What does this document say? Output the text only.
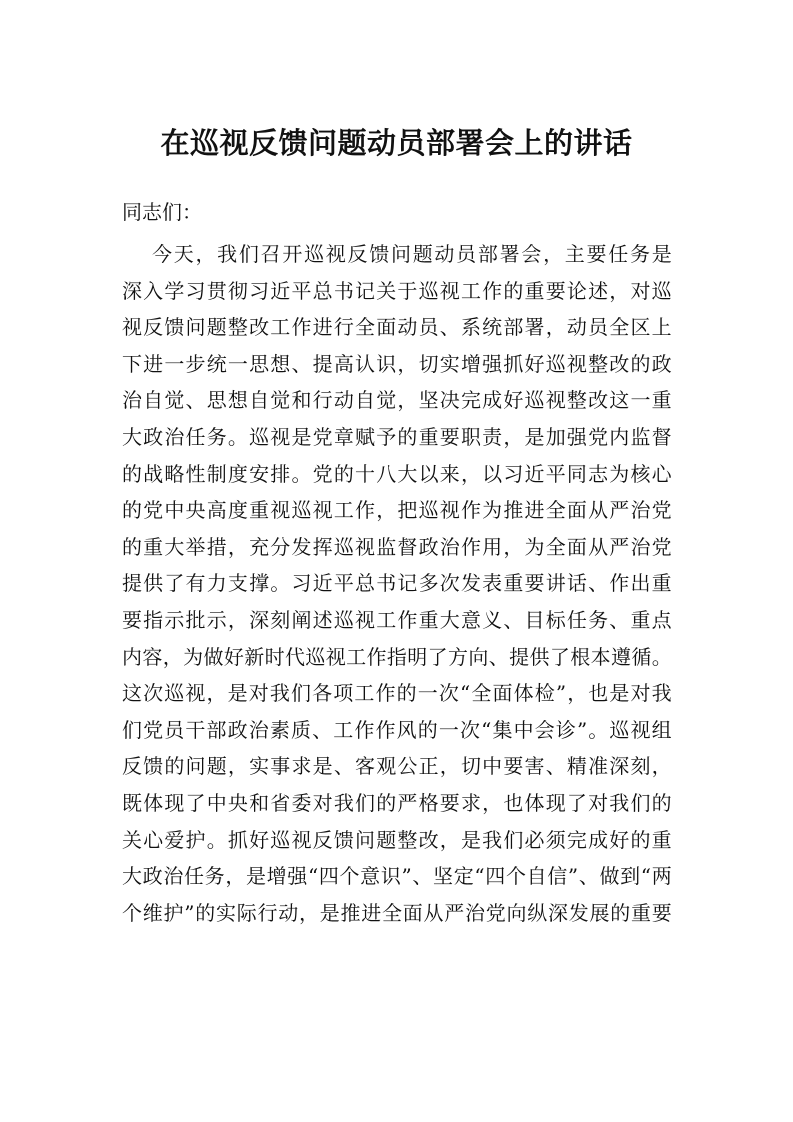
在巡视反馈问题动员部署会上的讲话

同志们：

今天，我们召开巡视反馈问题动员部署会，主要任务是
深入学习贯彻习近平总书记关于巡视工作的重要论述，对巡
视反馈问题整改工作进行全面动员、系统部署，动员全区上
下进一步统一思想、提高认识，切实增强抓好巡视整改的政
治自觉、思想自觉和行动自觉，坚决完成好巡视整改这一重
大政治任务。巡视是党章赋予的重要职责，是加强党内监督
的战略性制度安排。党的十八大以来，以习近平同志为核心
的党中央高度重视巡视工作，把巡视作为推进全面从严治党
的重大举措，充分发挥巡视监督政治作用，为全面从严治党
提供了有力支撑。习近平总书记多次发表重要讲话、作出重
要指示批示，深刻阐述巡视工作重大意义、目标任务、重点
内容，为做好新时代巡视工作指明了方向、提供了根本遵循。
这次巡视，是对我们各项工作的一次“全面体检”，也是对我
们党员干部政治素质、工作作风的一次“集中会诊”。巡视组
反馈的问题，实事求是、客观公正，切中要害、精准深刻，
既体现了中央和省委对我们的严格要求，也体现了对我们的
关心爱护。抓好巡视反馈问题整改，是我们必须完成好的重
大政治任务，是增强“四个意识”、坚定“四个自信”、做到“两
个维护”的实际行动，是推进全面从严治党向纵深发展的重要
